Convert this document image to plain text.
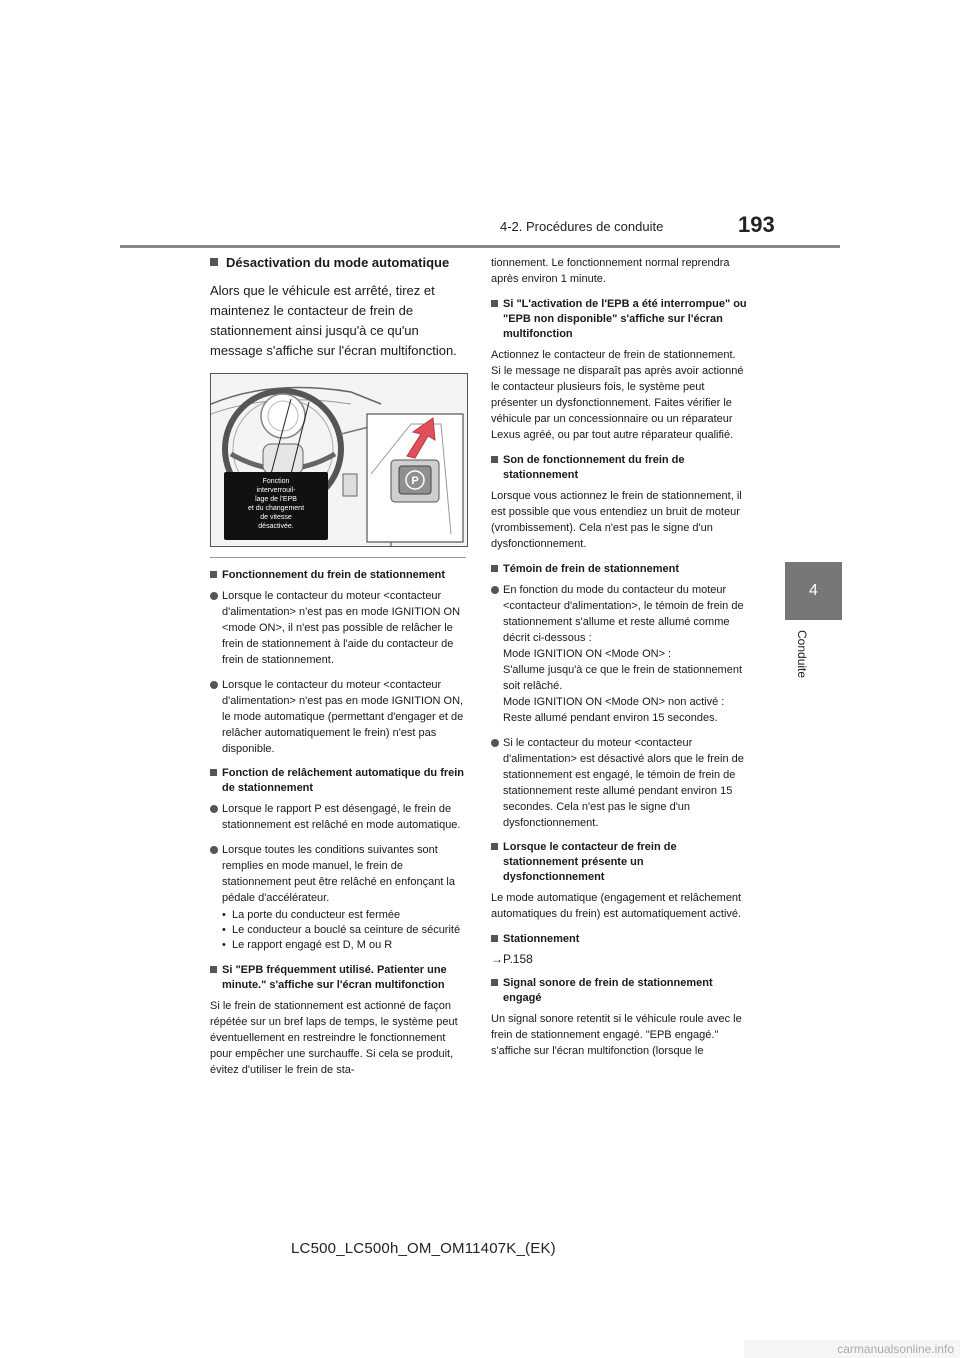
4-2. Procédures de conduite	193
4
Conduite
Désactivation du mode automatique
Alors que le véhicule est arrêté, tirez et maintenez le contacteur de frein de stationnement ainsi jusqu'à ce qu'un message s'affiche sur l'écran multifonction.
P
Fonction
interverrouil-
lage de l'EPB
et du changement
de vitesse
désactivée.
Fonctionnement du frein de stationnement
Lorsque le contacteur du moteur <contacteur d'alimentation> n'est pas en mode IGNITION ON <mode ON>, il n'est pas possible de relâcher le frein de stationnement à l'aide du contacteur de frein de stationnement.
Lorsque le contacteur du moteur <contacteur d'alimentation> n'est pas en mode IGNITION ON, le mode automatique (permettant d'engager et de relâcher automatiquement le frein) n'est pas disponible.
Fonction de relâchement automatique du frein de stationnement
Lorsque le rapport P est désengagé, le frein de stationnement est relâché en mode automatique.
Lorsque toutes les conditions suivantes sont remplies en mode manuel, le frein de stationnement peut être relâché en enfonçant la pédale d'accélérateur.
• La porte du conducteur est fermée
• Le conducteur a bouclé sa ceinture de sécurité
• Le rapport engagé est D, M ou R
Si "EPB fréquemment utilisé. Patienter une minute." s'affiche sur l'écran multifonction
Si le frein de stationnement est actionné de façon répétée sur un bref laps de temps, le système peut éventuellement en restreindre le fonctionnement pour empêcher une surchauffe. Si cela se produit, évitez d'utiliser le frein de sta-
tionnement. Le fonctionnement normal reprendra après environ 1 minute.
Si "L'activation de l'EPB a été interrompue" ou "EPB non disponible" s'affiche sur l'écran multifonction
Actionnez le contacteur de frein de stationnement. Si le message ne disparaît pas après avoir actionné le contacteur plusieurs fois, le système peut présenter un dysfonctionnement. Faites vérifier le véhicule par un concessionnaire ou un réparateur Lexus agréé, ou par tout autre réparateur qualifié.
Son de fonctionnement du frein de stationnement
Lorsque vous actionnez le frein de stationnement, il est possible que vous entendiez un bruit de moteur (vrombissement). Cela n'est pas le signe d'un dysfonctionnement.
Témoin de frein de stationnement
En fonction du mode du contacteur du moteur <contacteur d'alimentation>, le témoin de frein de stationnement s'allume et reste allumé comme décrit ci-dessous :
Mode IGNITION ON <Mode ON> :
S'allume jusqu'à ce que le frein de stationnement soit relâché.
Mode IGNITION ON <Mode ON> non activé : Reste allumé pendant environ 15 secondes.
Si le contacteur du moteur <contacteur d'alimentation> est désactivé alors que le frein de stationnement est engagé, le témoin de frein de stationnement reste allumé pendant environ 15 secondes. Cela n'est pas le signe d'un dysfonctionnement.
Lorsque le contacteur de frein de stationnement présente un dysfonctionnement
Le mode automatique (engagement et relâchement automatiques du frein) est automatiquement activé.
Stationnement
→P.158
Signal sonore de frein de stationnement engagé
Un signal sonore retentit si le véhicule roule avec le frein de stationnement engagé. "EPB engagé." s'affiche sur l'écran multifonction (lorsque le
LC500_LC500h_OM_OM11407K_(EK)
carmanualsonline.info
